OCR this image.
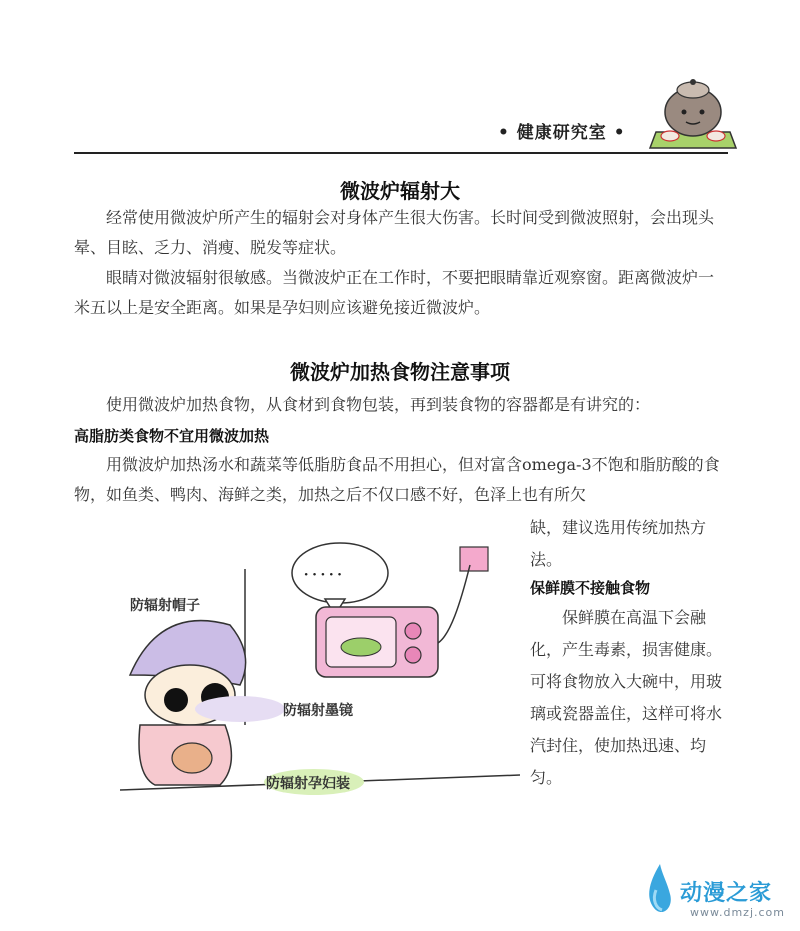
• 健康研究室 •
微波炉辐射大

经常使用微波炉所产生的辐射会对身体产生很大伤害。长时间受到微波照射，会出现头晕、目眩、乏力、消瘦、脱发等症状。

眼睛对微波辐射很敏感。当微波炉正在工作时，不要把眼睛靠近观察窗。距离微波炉一米五以上是安全距离。如果是孕妇则应该避免接近微波炉。

微波炉加热食物注意事项

使用微波炉加热食物，从食材到食物包装，再到装食物的容器都是有讲究的：

高脂肪类食物不宜用微波加热

用微波炉加热汤水和蔬菜等低脂肪食品不用担心，但对富含omega-3不饱和脂肪酸的食物，如鱼类、鸭肉、海鲜之类，加热之后不仅口感不好，色泽上也有所欠

缺，建议选用传统加热方法。

保鲜膜不接触食物

保鲜膜在高温下会融化，产生毒素，损害健康。可将食物放入大碗中，用玻璃或瓷器盖住，这样可将水汽封住，使加热迅速、均匀。

·····
防辐射帽子
防辐射墨镜
防辐射孕妇装
动漫之家
www.dmzj.com
